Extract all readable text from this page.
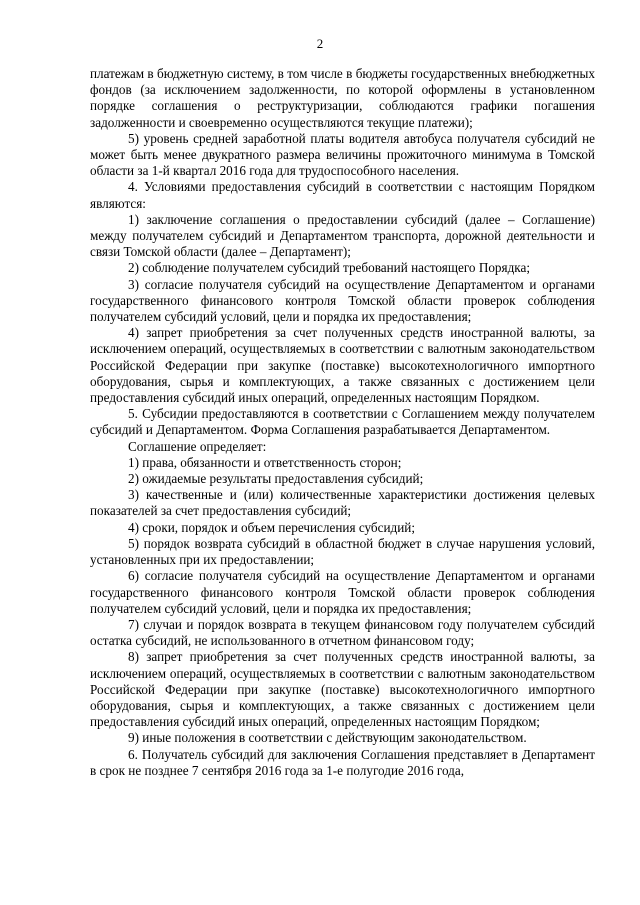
2

платежам в бюджетную систему, в том числе в бюджеты государственных внебюджетных фондов (за исключением задолженности, по которой оформлены в установленном порядке соглашения о реструктуризации, соблюдаются графики погашения задолженности и своевременно осуществляются текущие платежи);

5) уровень средней заработной платы водителя автобуса получателя субсидий не может быть менее двукратного размера величины прожиточного минимума в Томской области за 1-й квартал 2016 года для трудоспособного населения.

4. Условиями предоставления субсидий в соответствии с настоящим Порядком являются:

1) заключение соглашения о предоставлении субсидий (далее – Соглашение) между получателем субсидий и Департаментом транспорта, дорожной деятельности и связи Томской области (далее – Департамент);

2) соблюдение получателем субсидий требований настоящего Порядка;

3) согласие получателя субсидий на осуществление Департаментом и органами государственного финансового контроля Томской области проверок соблюдения получателем субсидий условий, цели и порядка их предоставления;

4) запрет приобретения за счет полученных средств иностранной валюты, за исключением операций, осуществляемых в соответствии с валютным законодательством Российской Федерации при закупке (поставке) высокотехнологичного импортного оборудования, сырья и комплектующих, а также связанных с достижением цели предоставления субсидий иных операций, определенных настоящим Порядком.

5. Субсидии предоставляются в соответствии с Соглашением между получателем субсидий и Департаментом. Форма Соглашения разрабатывается Департаментом.

Соглашение определяет:

1) права, обязанности и ответственность сторон;

2) ожидаемые результаты предоставления субсидий;

3) качественные и (или) количественные характеристики достижения целевых показателей за счет предоставления субсидий;

4) сроки, порядок и объем перечисления субсидий;

5) порядок возврата субсидий в областной бюджет в случае нарушения условий, установленных при их предоставлении;

6) согласие получателя субсидий на осуществление Департаментом и органами государственного финансового контроля Томской области проверок соблюдения получателем субсидий условий, цели и порядка их предоставления;

7) случаи и порядок возврата в текущем финансовом году получателем субсидий остатка субсидий, не использованного в отчетном финансовом году;

8) запрет приобретения за счет полученных средств иностранной валюты, за исключением операций, осуществляемых в соответствии с валютным законодательством Российской Федерации при закупке (поставке) высокотехнологичного импортного оборудования, сырья и комплектующих, а также связанных с достижением цели предоставления субсидий иных операций, определенных настоящим Порядком;

9) иные положения в соответствии с действующим законодательством.

6. Получатель субсидий для заключения Соглашения представляет в Департамент в срок не позднее 7 сентября 2016 года за 1-е полугодие 2016 года,
